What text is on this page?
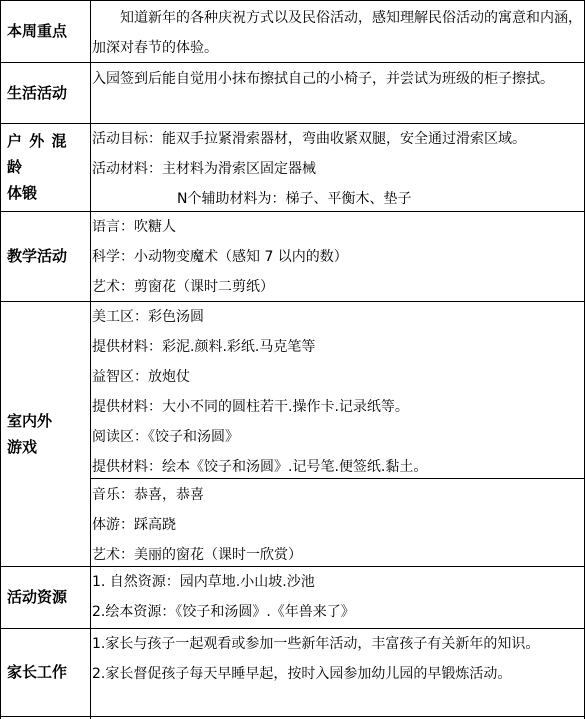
本周重点
知道新年的各种庆祝方式以及民俗活动，感知理解民俗活动的寓意和内涵，加深对春节的体验。
生活活动
入园签到后能自觉用小抹布擦拭自己的小椅子，并尝试为班级的柜子擦拭。
户 外 混 龄
体锻
活动目标：能双手拉紧滑索器材，弯曲收紧双腿，安全通过滑索区域。
活动材料：主材料为滑索区固定器械
N个辅助材料为：梯子、平衡木、垫子
教学活动
语言：吹糖人
科学：小动物变魔术（感知 7 以内的数）
艺术：剪窗花（课时二剪纸）
室内外
游戏
美工区：彩色汤圆
提供材料：彩泥.颜料.彩纸.马克笔等
益智区：放炮仗
提供材料：大小不同的圆柱若干.操作卡.记录纸等。
阅读区：《饺子和汤圆》
提供材料：绘本《饺子和汤圆》.记号笔.便签纸.黏土。
音乐：恭喜，恭喜
体游：踩高跷
艺术：美丽的窗花（课时一欣赏）
活动资源
1. 自然资源：园内草地.小山坡.沙池
2.绘本资源：《饺子和汤圆》.《年兽来了》
家长工作
1.家长与孩子一起观看或参加一些新年活动，丰富孩子有关新年的知识。
2.家长督促孩子每天早睡早起，按时入园参加幼儿园的早锻炼活动。
